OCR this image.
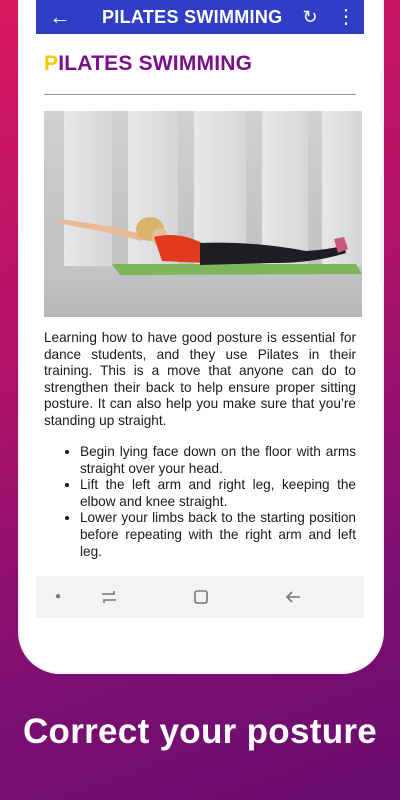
←	PILATES SWIMMING	↻ ⋮
PILATES SWIMMING
Learning how to have good posture is essential for dance students, and they use Pilates in their training. This is a move that anyone can do to strengthen their back to help ensure proper sitting posture. It can also help you make sure that you’re standing up straight.
• Begin lying face down on the floor with arms straight over your head.
• Lift the left arm and right leg, keeping the elbow and knee straight.
• Lower your limbs back to the starting position before repeating with the right arm and left leg.
●
Correct your posture
